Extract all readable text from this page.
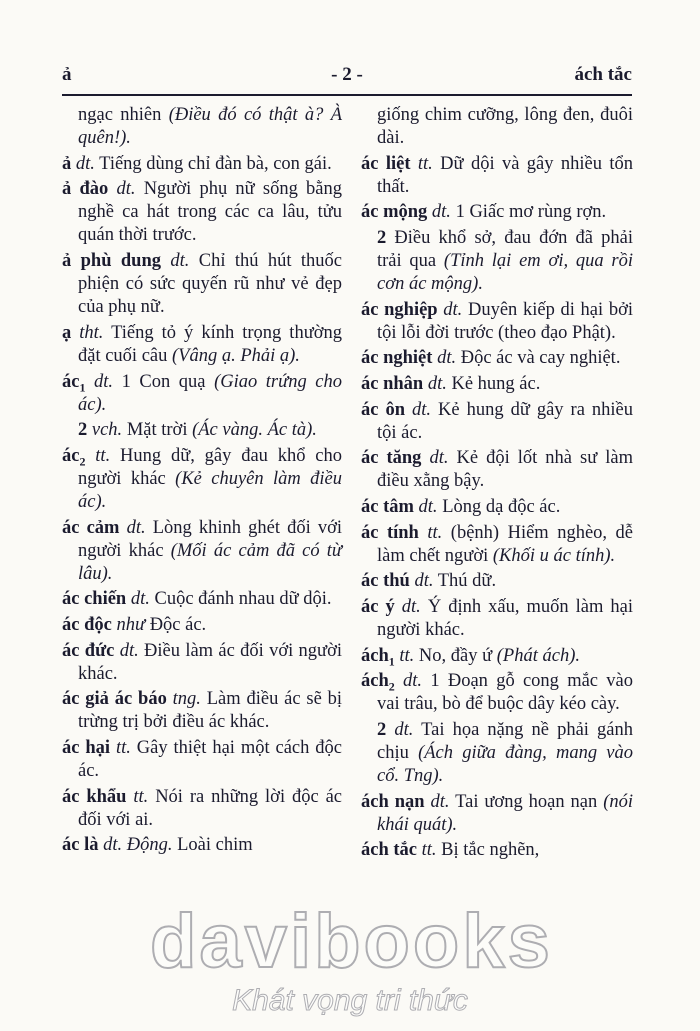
ả	- 2 -	ách tắc
ngạc nhiên (Điều đó có thật à? À quên!).
ả dt. Tiếng dùng chỉ đàn bà, con gái.
ả đào dt. Người phụ nữ sống bằng nghề ca hát trong các ca lâu, tửu quán thời trước.
ả phù dung dt. Chỉ thú hút thuốc phiện có sức quyến rũ như vẻ đẹp của phụ nữ.
ạ tht. Tiếng tỏ ý kính trọng thường đặt cuối câu (Vâng ạ. Phải ạ).
$ác_1$ dt. 1 Con quạ (Giao trứng cho ác).
2 vch. Mặt trời (Ác vàng. Ác tà).
$ác_2$ tt. Hung dữ, gây đau khổ cho người khác (Kẻ chuyên làm điều ác).
ác cảm dt. Lòng khinh ghét đối với người khác (Mối ác cảm đã có từ lâu).
ác chiến dt. Cuộc đánh nhau dữ dội.
ác độc như Độc ác.
ác đức dt. Điều làm ác đối với người khác.
ác giả ác báo tng. Làm điều ác sẽ bị trừng trị bởi điều ác khác.
ác hại tt. Gây thiệt hại một cách độc ác.
ác khẩu tt. Nói ra những lời độc ác đối với ai.
ác là dt. Động. Loài chim
giống chim cưỡng, lông đen, đuôi dài.
ác liệt tt. Dữ dội và gây nhiều tổn thất.
ác mộng dt. 1 Giấc mơ rùng rợn.
2 Điều khổ sở, đau đớn đã phải trải qua (Tỉnh lại em ơi, qua rồi cơn ác mộng).
ác nghiệp dt. Duyên kiếp di hại bởi tội lỗi đời trước (theo đạo Phật).
ác nghiệt dt. Độc ác và cay nghiệt.
ác nhân dt. Kẻ hung ác.
ác ôn dt. Kẻ hung dữ gây ra nhiều tội ác.
ác tăng dt. Kẻ đội lốt nhà sư làm điều xằng bậy.
ác tâm dt. Lòng dạ độc ác.
ác tính tt. (bệnh) Hiểm nghèo, dễ làm chết người (Khối u ác tính).
ác thú dt. Thú dữ.
ác ý dt. Ý định xấu, muốn làm hại người khác.
ách$_1$ tt. No, đầy ứ (Phát ách).
ách$_2$ dt. 1 Đoạn gỗ cong mắc vào vai trâu, bò để buộc dây kéo cày.
2 dt. Tai họa nặng nề phải gánh chịu (Ách giữa đàng, mang vào cổ. Tng).
ách nạn dt. Tai ương hoạn nạn (nói khái quát).
ách tắc tt. Bị tắc nghẽn,
davibooks
Khát vọng tri thức
